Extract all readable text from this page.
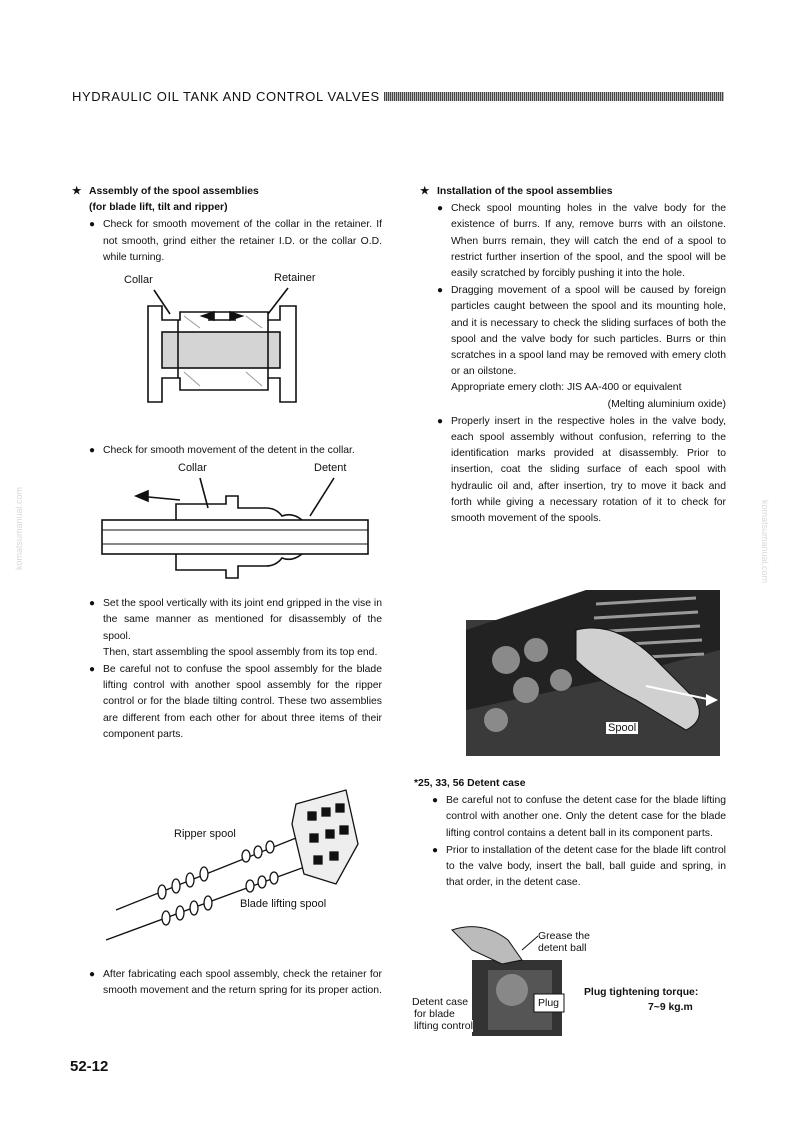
HYDRAULIC OIL TANK AND CONTROL VALVES
★ Assembly of the spool assemblies
(for blade lift, tilt and ripper)
● Check for smooth movement of the collar in the retainer. If not smooth, grind either the retainer I.D. or the collar O.D. while turning.
● Check for smooth movement of the detent in the collar.
● Set the spool vertically with its joint end gripped in the vise in the same manner as mentioned for disassembly of the spool.
Then, start assembling the spool assembly from its top end.
● Be careful not to confuse the spool assembly for the blade lifting control with another spool assembly for the ripper control or for the blade tilting control. These two assemblies are different from each other for about three items of their component parts.
● After fabricating each spool assembly, check the retainer for smooth movement and the return spring for its proper action.
★ Installation of the spool assemblies
● Check spool mounting holes in the valve body for the existence of burrs. If any, remove burrs with an oilstone. When burrs remain, they will catch the end of a spool to restrict further insertion of the spool, and the spool will be easily scratched by forcibly pushing it into the hole.
● Dragging movement of a spool will be caused by foreign particles caught between the spool and its mounting hole, and it is necessary to check the sliding surfaces of both the spool and the valve body for such particles. Burrs or thin scratches in a spool land may be removed with emery cloth or an oilstone.
Appropriate emery cloth: JIS AA-400 or equivalent
(Melting aluminium oxide)
● Properly insert in the respective holes in the valve body, each spool assembly without confusion, referring to the identification marks provided at disassembly. Prior to insertion, coat the sliding surface of each spool with hydraulic oil and, after insertion, try to move it back and forth while giving a necessary rotation of it to check for smooth movement of the spools.
*25, 33, 56 Detent case
● Be careful not to confuse the detent case for the blade lifting control with another one. Only the detent case for the blade lifting control contains a detent ball in its component parts.
● Prior to installation of the detent case for the blade lift control to the valve body, insert the ball, ball guide and spring, in that order, in the detent case.
Collar	Retainer
Collar	Detent
Spool
Ripper spool
Blade lifting spool
Grease the
detent ball
Detent case
for blade
lifting control
Plug
Plug tightening torque:
7~9 kg.m
52-12
komatsumanual.com	komatsumanual.com
